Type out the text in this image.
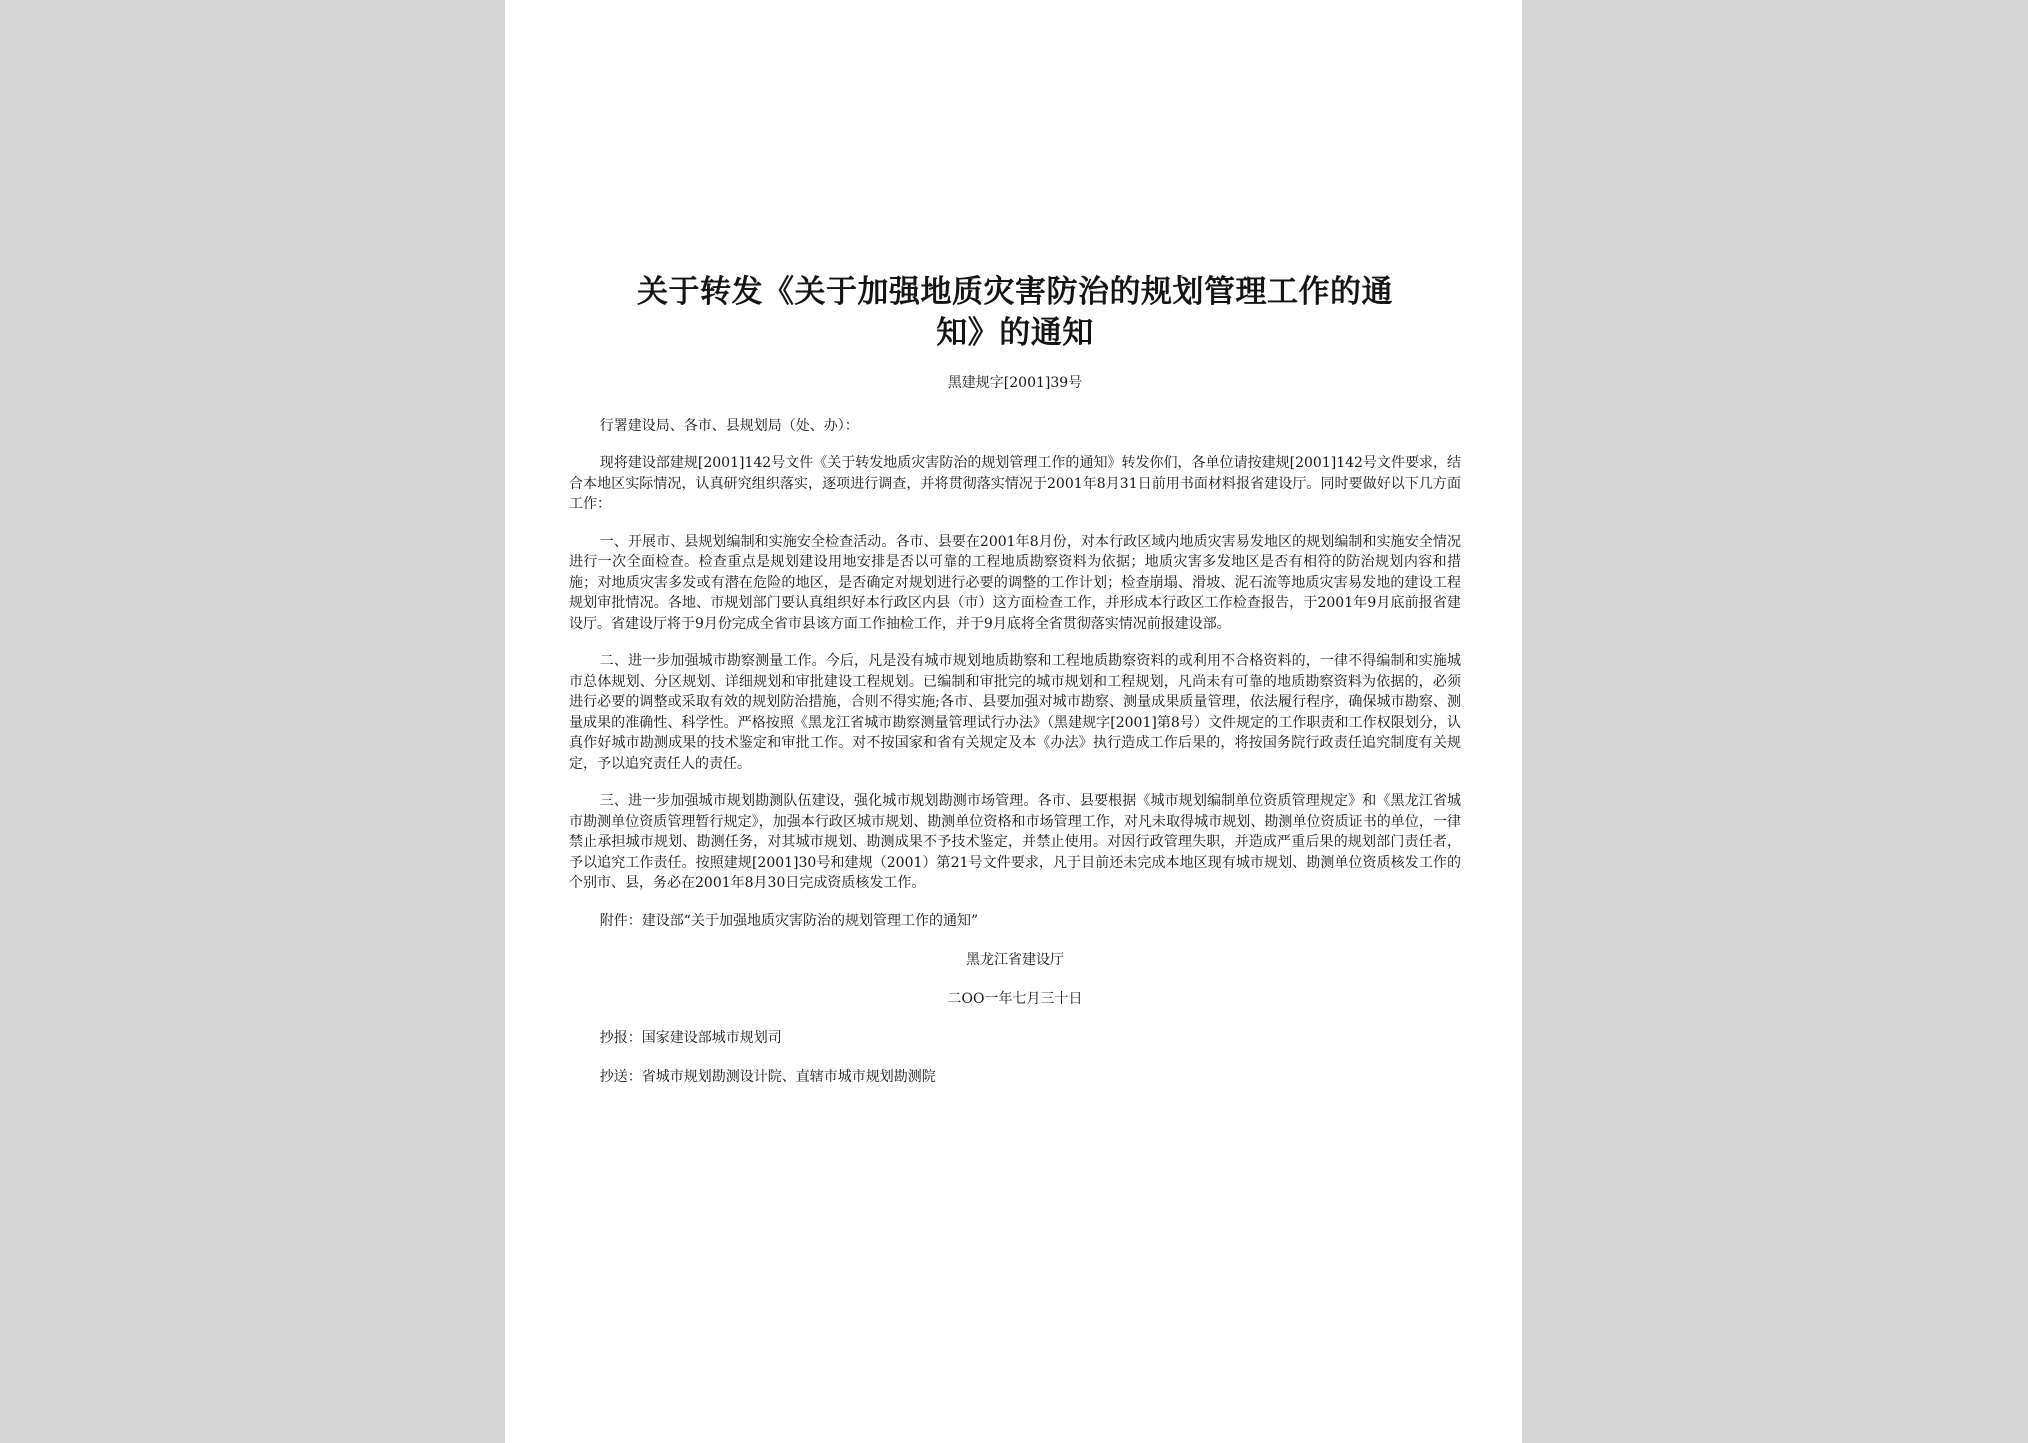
关于转发《关于加强地质灾害防治的规划管理工作的通
知》的通知
黑建规字[2001]39号
行署建设局、各市、县规划局（处、办）：
现将建设部建规[2001]142号文件《关于转发地质灾害防治的规划管理工作的通知》转发你们，各单位请按建规[2001]142号文件要求，结合本地区实际情况，认真研究组织落实，逐项进行调查，并将贯彻落实情况于2001年8月31日前用书面材料报省建设厅。同时要做好以下几方面工作：
一、开展市、县规划编制和实施安全检查活动。各市、县要在2001年8月份，对本行政区域内地质灾害易发地区的规划编制和实施安全情况进行一次全面检查。检查重点是规划建设用地安排是否以可靠的工程地质勘察资料为依据；地质灾害多发地区是否有相符的防治规划内容和措施；对地质灾害多发或有潜在危险的地区，是否确定对规划进行必要的调整的工作计划；检查崩塌、滑坡、泥石流等地质灾害易发地的建设工程规划审批情况。各地、市规划部门要认真组织好本行政区内县（市）这方面检查工作，并形成本行政区工作检查报告，于2001年9月底前报省建设厅。省建设厅将于9月份完成全省市县该方面工作抽检工作，并于9月底将全省贯彻落实情况前报建设部。
二、进一步加强城市勘察测量工作。今后，凡是没有城市规划地质勘察和工程地质勘察资料的或利用不合格资料的，一律不得编制和实施城市总体规划、分区规划、详细规划和审批建设工程规划。已编制和审批完的城市规划和工程规划，凡尚未有可靠的地质勘察资料为依据的，必须进行必要的调整或采取有效的规划防治措施，合则不得实施;各市、县要加强对城市勘察、测量成果质量管理，依法履行程序，确保城市勘察、测量成果的准确性、科学性。严格按照《黑龙江省城市勘察测量管理试行办法》（黑建规字[2001]第8号）文件规定的工作职责和工作权限划分，认真作好城市勘测成果的技术鉴定和审批工作。对不按国家和省有关规定及本《办法》执行造成工作后果的，将按国务院行政责任追究制度有关规定，予以追究责任人的责任。
三、进一步加强城市规划勘测队伍建设，强化城市规划勘测市场管理。各市、县要根据《城市规划编制单位资质管理规定》和《黑龙江省城市勘测单位资质管理暂行规定》，加强本行政区城市规划、勘测单位资格和市场管理工作，对凡未取得城市规划、勘测单位资质证书的单位，一律禁止承担城市规划、勘测任务，对其城市规划、勘测成果不予技术鉴定，并禁止使用。对因行政管理失职，并造成严重后果的规划部门责任者，予以追究工作责任。按照建规[2001]30号和建规（2001）第21号文件要求，凡于目前还未完成本地区现有城市规划、勘测单位资质核发工作的个别市、县，务必在2001年8月30日完成资质核发工作。
附件：建设部“关于加强地质灾害防治的规划管理工作的通知”
黑龙江省建设厅
二OO一年七月三十日
抄报：国家建设部城市规划司
抄送：省城市规划勘测设计院、直辖市城市规划勘测院
